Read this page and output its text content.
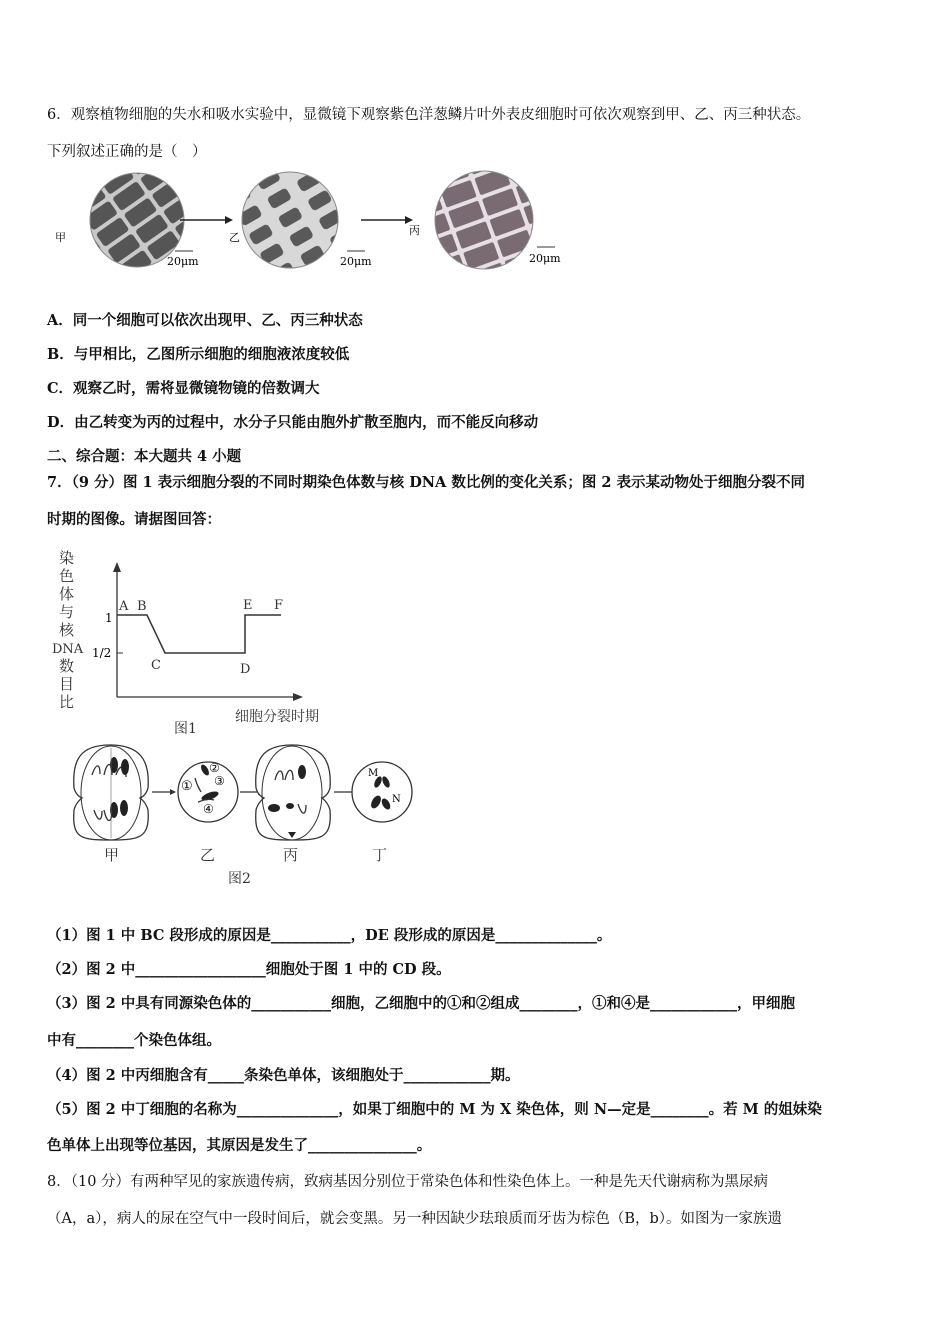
6．观察植物细胞的失水和吸水实验中，显微镜下观察紫色洋葱鳞片叶外表皮细胞时可依次观察到甲、乙、丙三种状态。
下列叙述正确的是（　）
甲
20μm
乙
20μm
丙
20μm
A．同一个细胞可以依次出现甲、乙、丙三种状态
B．与甲相比，乙图所示细胞的细胞液浓度较低
C．观察乙时，需将显微镜物镜的倍数调大
D．由乙转变为丙的过程中，水分子只能由胞外扩散至胞内，而不能反向移动
二、综合题：本大题共 4 小题
7．（9 分）图 1 表示细胞分裂的不同时期染色体数与核 DNA 数比例的变化关系；图 2 表示某动物处于细胞分裂不同
时期的图像。请据图回答：
染
色
体
与
核
DNA
数
目
比
1
1/2
A B
C	D
E F
细胞分裂时期
图1
①
②
③
④
M
N
甲	乙	丙	丁
图2
（1）图 1 中 BC 段形成的原因是___________，DE 段形成的原因是______________。
（2）图 2 中__________________细胞处于图 1 中的 CD 段。
（3）图 2 中具有同源染色体的___________细胞，乙细胞中的①和②组成________，①和④是____________，甲细胞
中有________个染色体组。
（4）图 2 中丙细胞含有_____条染色单体，该细胞处于____________期。
（5）图 2 中丁细胞的名称为______________，如果丁细胞中的 M 为 X 染色体，则 N—定是________。若 M 的姐妹染
色单体上出现等位基因，其原因是发生了_______________。
8．（10 分）有两种罕见的家族遗传病，致病基因分别位于常染色体和性染色体上。一种是先天代谢病称为黑尿病
（A，a），病人的尿在空气中一段时间后，就会变黑。另一种因缺少珐琅质而牙齿为棕色（B，b）。如图为一家族遗
